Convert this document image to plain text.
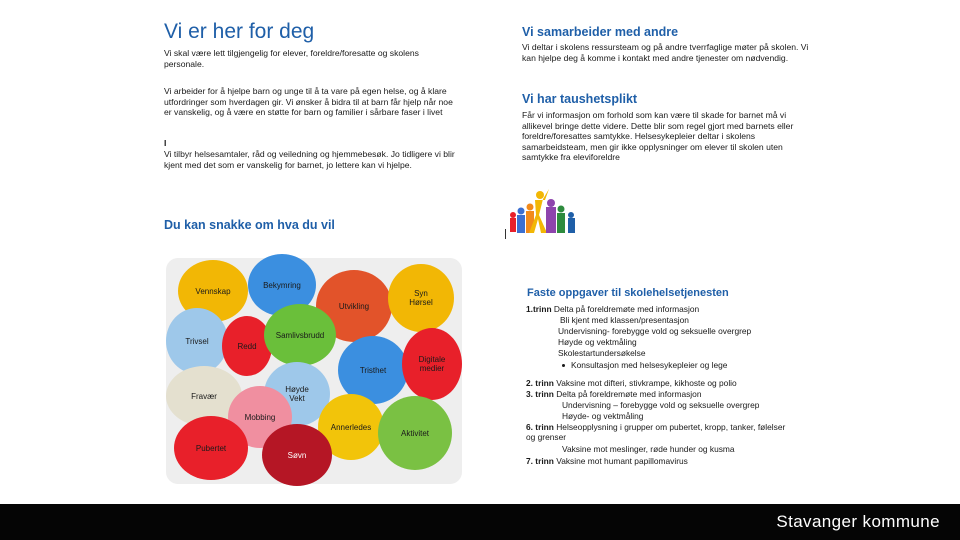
Vi er her for deg

Vi skal være lett tilgjengelig for elever, foreldre/foresatte og skolens personale.

Vi arbeider for å hjelpe barn og unge til å ta vare på egen helse, og å klare utfordringer som hverdagen gir. Vi ønsker å bidra til at barn får hjelp når noe er vanskelig, og å være en støtte for barn og familier i sårbare faser i livet

I

Vi tilbyr helsesamtaler, råd og veiledning og hjemmebesøk. Jo tidligere vi blir kjent med det som er vanskelig for barnet, jo lettere kan vi hjelpe.

Du kan snakke om hva du vil
Vennskap
Bekymring
Utvikling
Syn
Hørsel
Trivsel
Redd
Samlivsbrudd
Tristhet
Digitale
medier
Fravær
Høyde
Vekt
Mobbing
Annerledes
Aktivitet
Pubertet
Søvn
Vi samarbeider med andre

Vi deltar i skolens ressursteam og på andre tverrfaglige møter på skolen. Vi kan hjelpe deg å komme i kontakt med andre tjenester om nødvendig.

Vi har taushetsplikt

Får vi informasjon om forhold som kan være til skade for barnet må vi allikevel bringe dette videre. Dette blir som regel gjort med barnets eller foreldre/foresattes samtykke. Helsesykepleier deltar i skolens samarbeidsteam, men gir ikke opplysninger om elever til skolen uten samtykke fra eleviforeldre

Faste oppgaver til skolehelsetjenesten
1.trinn Delta på foreldremøte med informasjon
Bli kjent med klassen/presentasjon
Undervisning- forebygge vold og seksuelle overgrep
Høyde og vektmåling
Skolestartundersøkelse
Konsultasjon med helsesykepleier og lege
2. trinn Vaksine mot difteri, stivkrampe, kikhoste og polio
3. trinn Delta på foreldremøte med informasjon
Undervisning – forebygge vold og seksuelle overgrep
Høyde- og vektmåling
6. trinn Helseopplysning i grupper om pubertet, kropp, tanker, følelser og grenser
Vaksine mot meslinger, røde hunder og kusma
7. trinn Vaksine mot humant papillomavirus
Stavanger kommune
